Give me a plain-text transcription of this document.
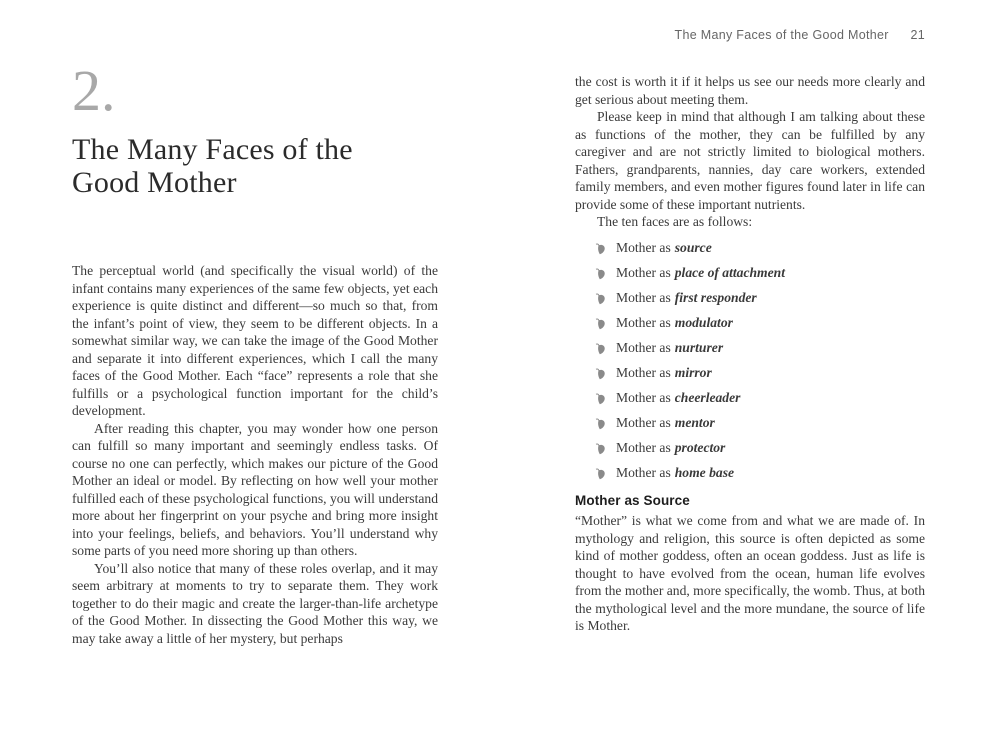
2.
The Many Faces of the
Good Mother

The perceptual world (and specifically the visual world) of the infant contains many experiences of the same few objects, yet each experience is quite distinct and different—so much so that, from the infant’s point of view, they seem to be different objects. In a somewhat similar way, we can take the image of the Good Mother and separate it into different experiences, which I call the many faces of the Good Mother. Each “face” represents a role that she fulfills or a psychological function important for the child’s development.

After reading this chapter, you may wonder how one person can fulfill so many important and seemingly endless tasks. Of course no one can perfectly, which makes our picture of the Good Mother an ideal or model. By reflecting on how well your mother fulfilled each of these psychological functions, you will understand more about her fingerprint on your psyche and bring more insight into your feelings, beliefs, and behaviors. You’ll understand why some parts of you need more shoring up than others.

You’ll also notice that many of these roles overlap, and it may seem arbitrary at moments to try to separate them. They work together to do their magic and create the larger-than-life archetype of the Good Mother. In dissecting the Good Mother this way, we may take away a little of her mystery, but perhaps

The Many Faces of the Good Mother 21

the cost is worth it if it helps us see our needs more clearly and get serious about meeting them.

Please keep in mind that although I am talking about these as functions of the mother, they can be fulfilled by any caregiver and are not strictly limited to biological mothers. Fathers, grandparents, nannies, day care workers, extended family members, and even mother figures found later in life can provide some of these important nutrients.

The ten faces are as follows:

Mother as source
Mother as place of attachment
Mother as first responder
Mother as modulator
Mother as nurturer
Mother as mirror
Mother as cheerleader
Mother as mentor
Mother as protector
Mother as home base
Mother as Source

“Mother” is what we come from and what we are made of. In mythology and religion, this source is often depicted as some kind of mother goddess, often an ocean goddess. Just as life is thought to have evolved from the ocean, human life evolves from the mother and, more specifically, the womb. Thus, at both the mythological level and the more mundane, the source of life is Mother.
